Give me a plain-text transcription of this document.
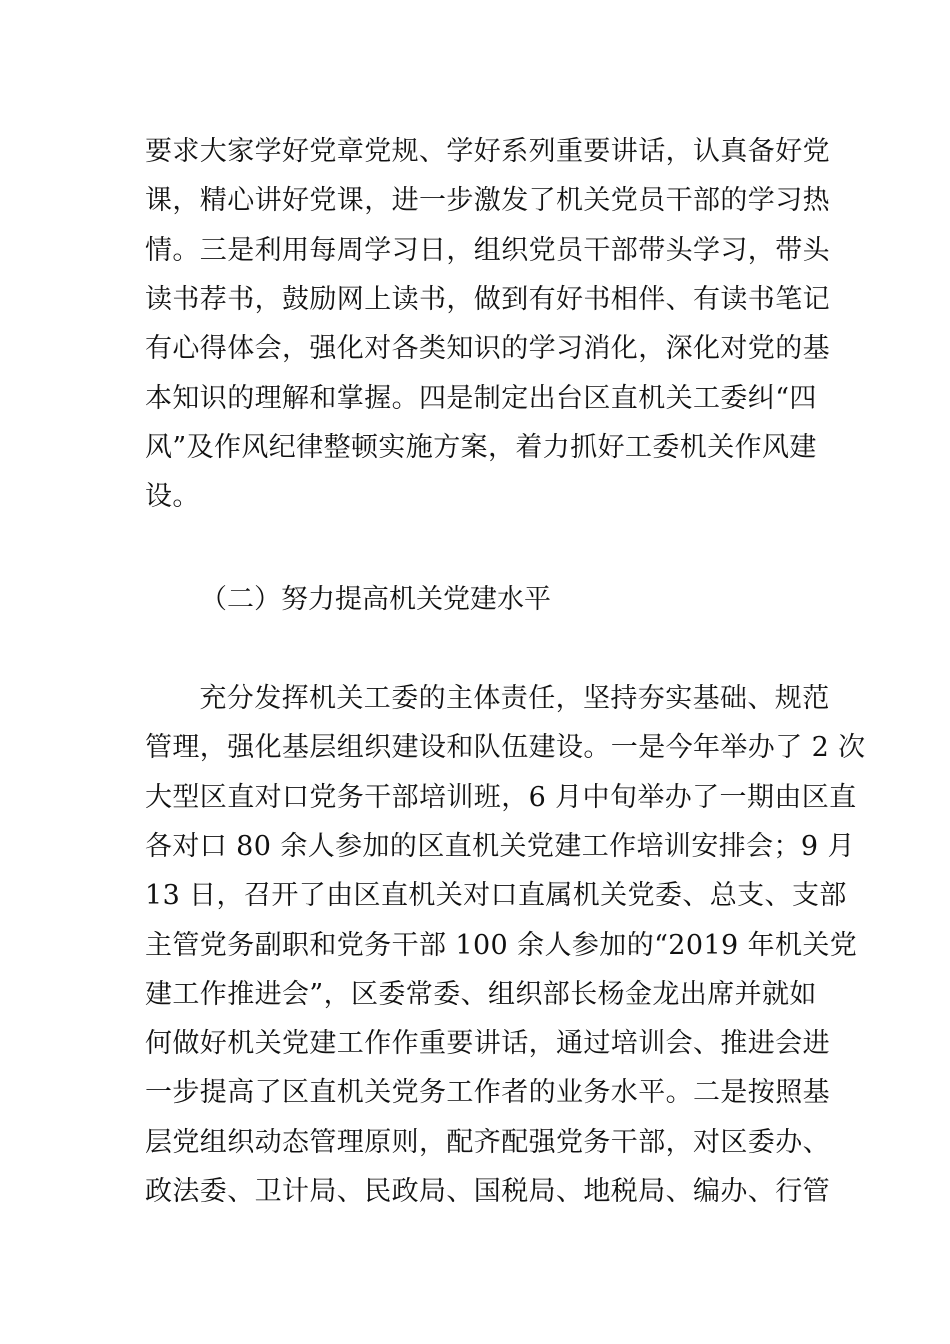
要求大家学好党章党规、学好系列重要讲话，认真备好党
课，精心讲好党课，进一步激发了机关党员干部的学习热
情。三是利用每周学习日，组织党员干部带头学习，带头
读书荐书，鼓励网上读书，做到有好书相伴、有读书笔记
有心得体会，强化对各类知识的学习消化，深化对党的基
本知识的理解和掌握。四是制定出台区直机关工委纠“四
风”及作风纪律整顿实施方案，着力抓好工委机关作风建
设。
（二）努力提高机关党建水平
　充分发挥机关工委的主体责任，坚持夯实基础、规范
管理，强化基层组织建设和队伍建设。一是今年举办了 2 次
大型区直对口党务干部培训班，6 月中旬举办了一期由区直
各对口 80 余人参加的区直机关党建工作培训安排会；9 月
13 日，召开了由区直机关对口直属机关党委、总支、支部
主管党务副职和党务干部 100 余人参加的“2019 年机关党
建工作推进会”，区委常委、组织部长杨金龙出席并就如
何做好机关党建工作作重要讲话，通过培训会、推进会进
一步提高了区直机关党务工作者的业务水平。二是按照基
层党组织动态管理原则，配齐配强党务干部，对区委办、
政法委、卫计局、民政局、国税局、地税局、编办、行管
